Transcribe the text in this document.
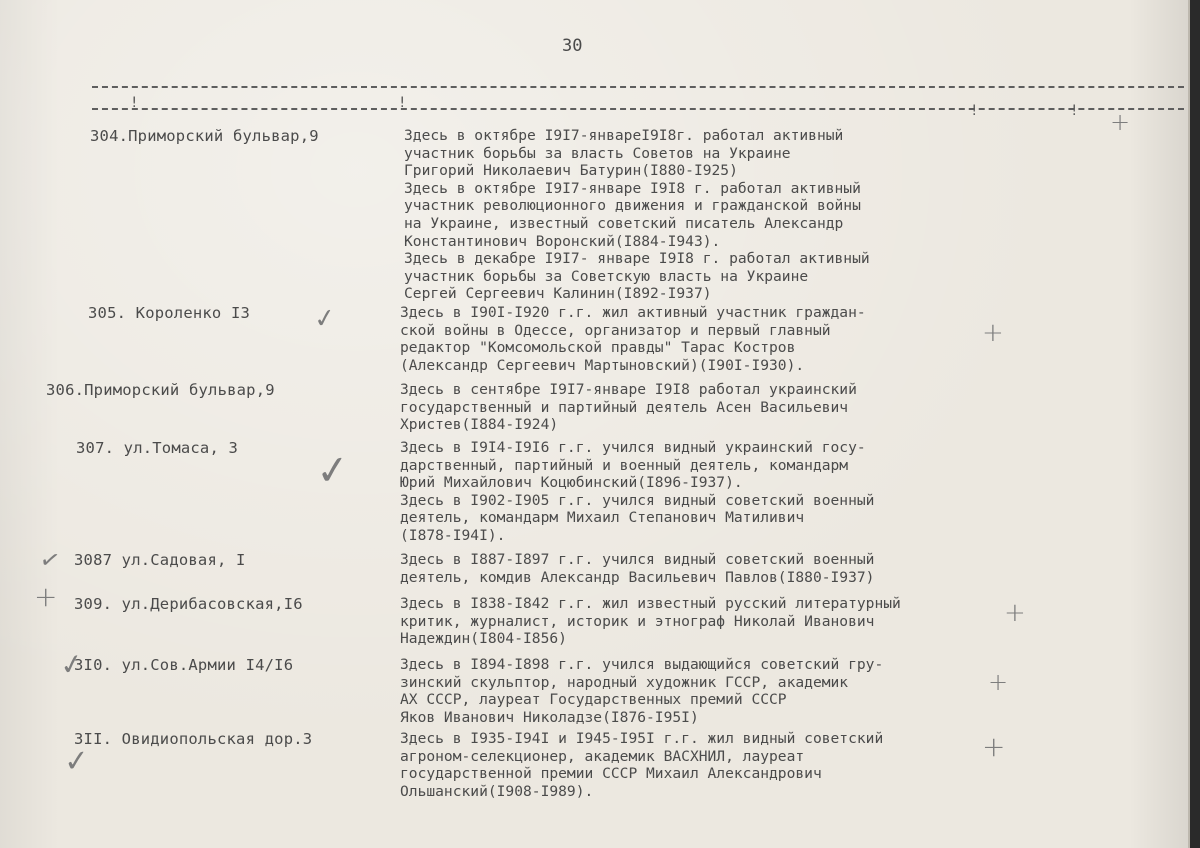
30
!	!	!	!
304.Приморский бульвар,9	Здесь в октябре I9I7-январеI9I8г. работал активный
участник борьбы за власть Советов на Украине
Григорий Николаевич Батурин(I880-I925)
Здесь в октябре I9I7-январе I9I8 г. работал активный
участник революционного движения и гражданской войны
на Украине, известный советский писатель Александр
Константинович Воронский(I884-I943).
Здесь в декабре I9I7- январе I9I8 г. работал активный
участник борьбы за Советскую власть на Украине
Сергей Сергеевич Калинин(I892-I937)
305. Короленко I3	Здесь в I90I-I920 г.г. жил активный участник граждан-
ской войны в Одессе, организатор и первый главный
редактор "Комсомольской правды" Тарас Костров
(Александр Сергеевич Мартыновский)(I90I-I930).
306.Приморский бульвар,9	Здесь в сентябре I9I7-январе I9I8 работал украинский
государственный и партийный деятель Асен Васильевич
Христев(I884-I924)
307. ул.Томаса, 3	Здесь в I9I4-I9I6 г.г. учился видный украинский госу-
дарственный, партийный и военный деятель, командарм
Юрий Михайлович Коцюбинский(I896-I937).
Здесь в I902-I905 г.г. учился видный советский военный
деятель, командарм Михаил Степанович Матиливич
(I878-I94I).
3087 ул.Садовая, I	Здесь в I887-I897 г.г. учился видный советский военный
деятель, комдив Александр Васильевич Павлов(I880-I937)
309. ул.Дерибасовская,I6	Здесь в I838-I842 г.г. жил известный русский литературный
критик, журналист, историк и этнограф Николай Иванович
Надеждин(I804-I856)
3I0. ул.Сов.Армии I4/I6	Здесь в I894-I898 г.г. учился выдающийся советский гру-
зинский скульптор, народный художник ГССР, академик
АХ СССР, лауреат Государственных премий СССР
Яков Иванович Николадзе(I876-I95I)
3II. Овидиопольская дор.3	Здесь в I935-I94I и I945-I95I г.г. жил видный советский
агроном-селекционер, академик ВАСХНИЛ, лауреат
государственной премии СССР Михаил Александрович
Ольшанский(I908-I989).
✓
✓
+
✓
+	+
+
✓
+
✓
+
